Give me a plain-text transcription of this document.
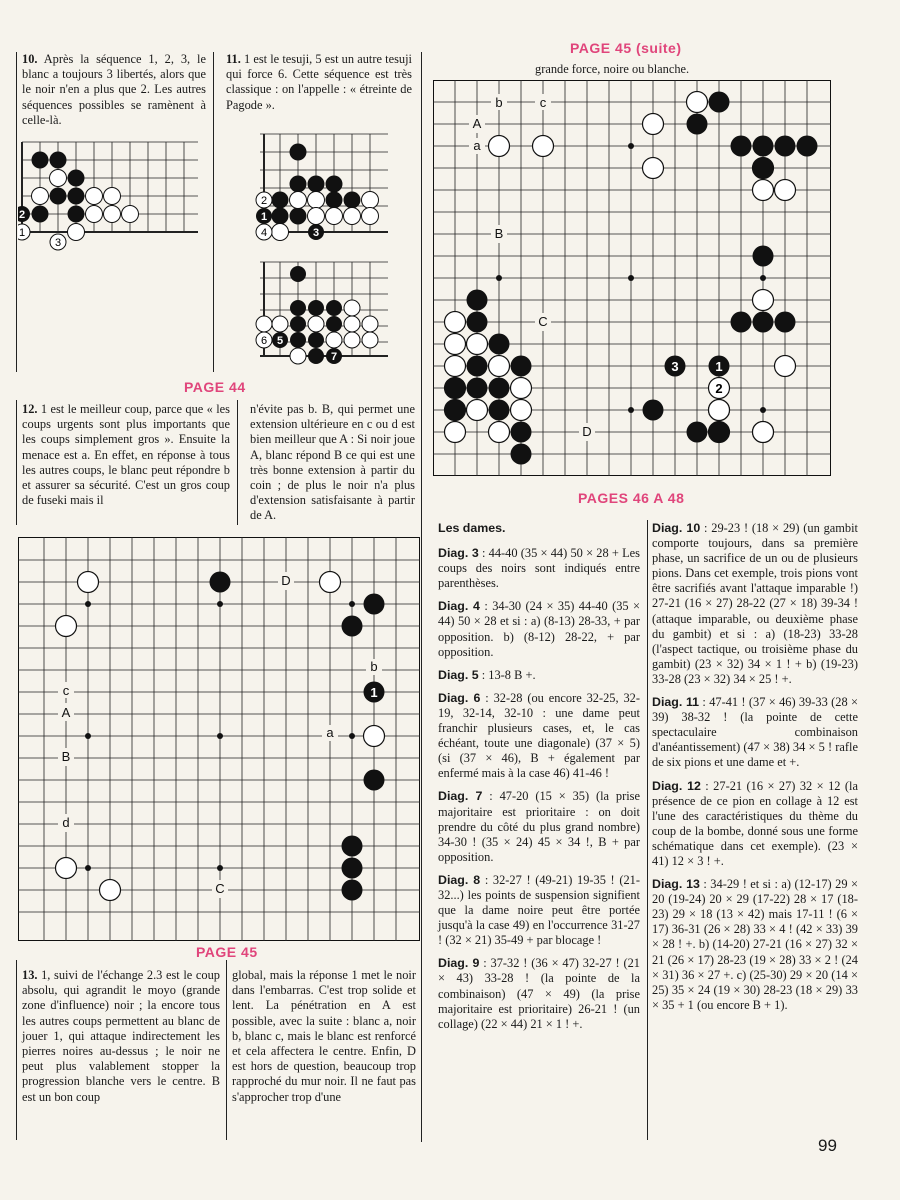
10. Après la séquence 1, 2, 3, le blanc a toujours 3 libertés, alors que le noir n'en a plus que 2. Les autres séquences possibles se ramènent à celle-là.

11. 1 est le tesuji, 5 est un autre tesuji qui force 6. Cette séquence est très classique : on l'appelle : « étreinte de Pagode ».

2
1
3
2
1
4	3
6 5
7
PAGE 44

12. 1 est le meilleur coup, parce que « les coups urgents sont plus importants que les coups simplement gros ». Ensuite la menace est a. En effet, en réponse à tous les autres coups, le blanc peut répondre b et assurer sa sécurité. C'est un gros coup de fuseki mais il

n'évite pas b. B, qui permet une extension ultérieure en c ou d est bien meilleur que A : Si noir joue A, blanc répond B ce qui est une très bonne extension à partir du coin ; de plus le noir n'a plus d'extension satisfaisante à partir de A.

1
a
b
c
A
B
d
C
D
PAGE 45

13. 1, suivi de l'échange 2.3 est le coup absolu, qui agrandit le moyo (grande zone d'influence) noir ; la encore tous les autres coups permettent au blanc de jouer 1, qui attaque indirectement les pierres noires au-dessus ; le noir ne peut plus valablement stopper la progression blanche vers le centre. B est un bon coup

global, mais la réponse 1 met le noir dans l'embarras. C'est trop solide et lent. La pénétration en A est possible, avec la suite : blanc a, noir b, blanc c, mais le blanc est renforcé et cela affectera le centre. Enfin, D est hors de question, beaucoup trop rapproché du mur noir. Il ne faut pas s'approcher trop d'une

PAGE 45 (suite)
grande force, noire ou blanche.
1
2
3
a
b	c
A
B
C
D
PAGES 46 A 48
Les dames.
Diag. 3 : 44-40 (35 × 44) 50 × 28 + Les coups des noirs sont indiqués entre parenthèses.
Diag. 4 : 34-30 (24 × 35) 44-40 (35 × 44) 50 × 28 et si : a) (8-13) 28-33, + par opposition. b) (8-12) 28-22, + par opposition.
Diag. 5 : 13-8 B +.
Diag. 6 : 32-28 (ou encore 32-25, 32-19, 32-14, 32-10 : une dame peut franchir plusieurs cases, et, le cas échéant, toute une diagonale) (37 × 5) (si (37 × 46), B + également par enfermé mais à la case 46) 41-46 !
Diag. 7 : 47-20 (15 × 35) (la prise majoritaire est prioritaire : on doit prendre du côté du plus grand nombre) 34-30 ! (35 × 24) 45 × 34 !, B + par opposition.
Diag. 8 : 32-27 ! (49-21) 19-35 ! (21-32...) les points de suspension signifient que la dame noire peut être portée jusqu'à la case 49) en l'occurrence 31-27 ! (32 × 21) 35-49 + par blocage !
Diag. 9 : 37-32 ! (36 × 47) 32-27 ! (21 × 43) 33-28 ! (la pointe de la combinaison) (47 × 49) (la prise majoritaire est prioritaire) 26-21 ! (un collage) (22 × 44) 21 × 1 ! +.
Diag. 10 : 29-23 ! (18 × 29) (un gambit comporte toujours, dans sa première phase, un sacrifice de un ou de plusieurs pions. Dans cet exemple, trois pions vont être sacrifiés avant l'attaque imparable !) 27-21 (16 × 27) 28-22 (27 × 18) 39-34 ! (attaque imparable, ou deuxième phase du gambit) et si : a) (18-23) 33-28 (l'aspect tactique, ou troisième phase du gambit) (23 × 32) 34 × 1 ! + b) (19-23) 33-28 (23 × 32) 34 × 25 ! +.
Diag. 11 : 47-41 ! (37 × 46) 39-33 (28 × 39) 38-32 ! (la pointe de cette spectaculaire combinaison d'anéantissement) (47 × 38) 34 × 5 ! rafle de six pions et une dame et +.
Diag. 12 : 27-21 (16 × 27) 32 × 12 (la présence de ce pion en collage à 12 est l'une des caractéristiques du thème du coup de la bombe, donné sous une forme schématique dans cet exemple). (23 × 41) 12 × 3 ! +.
Diag. 13 : 34-29 ! et si : a) (12-17) 29 × 20 (19-24) 20 × 29 (17-22) 28 × 17 (18-23) 29 × 18 (13 × 42) mais 17-11 ! (6 × 17) 36-31 (26 × 28) 33 × 4 ! (42 × 33) 39 × 28 ! +. b) (14-20) 27-21 (16 × 27) 32 × 21 (26 × 17) 28-23 (19 × 28) 33 × 2 ! (24 × 31) 36 × 27 +. c) (25-30) 29 × 20 (14 × 25) 35 × 24 (19 × 30) 28-23 (18 × 29) 33 × 35 + 1 (ou encore B + 1).
99
